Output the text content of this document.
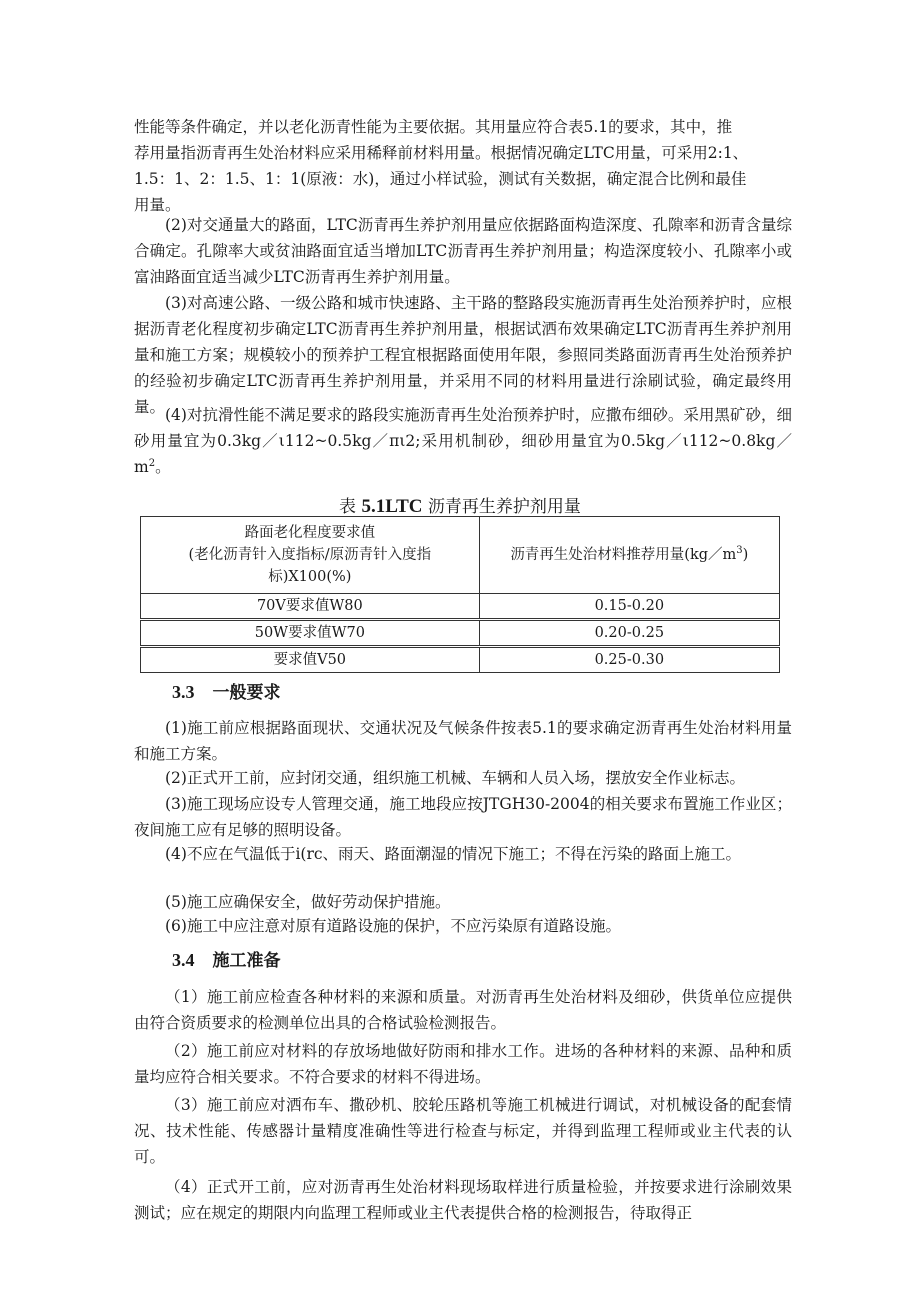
性能等条件确定，并以老化沥青性能为主要依据。其用量应符合表5.1的要求，其中，推
荐用量指沥青再生处治材料应采用稀释前材料用量。根据情况确定LTC用量，可采用2:1、
1.5：1、2：1.5、1：1(原液：水)，通过小样试验，测试有关数据，确定混合比例和最佳
用量。

(2)对交通量大的路面，LTC沥青再生养护剂用量应依据路面构造深度、孔隙率和沥青含量综合确定。孔隙率大或贫油路面宜适当增加LTC沥青再生养护剂用量；构造深度较小、孔隙率小或富油路面宜适当减少LTC沥青再生养护剂用量。

(3)对高速公路、一级公路和城市快速路、主干路的整路段实施沥青再生处治预养护时，应根据沥青老化程度初步确定LTC沥青再生养护剂用量，根据试洒布效果确定LTC沥青再生养护剂用量和施工方案；规模较小的预养护工程宜根据路面使用年限，参照同类路面沥青再生处治预养护的经验初步确定LTC沥青再生养护剂用量，并采用不同的材料用量进行涂刷试验，确定最终用量。 (4)对抗滑性能不满足要求的路段实施沥青再生处治预养护时，应撒布细砂。采用黑矿砂，细砂用量宜为0.3kg／ι112~0.5kg／πι2;采用机制砂，细砂用量宜为$0.5kg/\iota 112\sim 0.8kg/m^2$。

表 5.1LTC 沥青再生养护剂用量

路面老化程度要求值
(老化沥青针入度指标/原沥青针入度指
标)X100(%)	沥青再生处治材料推荐用量$(kg/m^3)$
70V要求值W80	0.15-0.20
50W要求值W70	0.20-0.25
要求值V50	0.25-0.30
3.3 一般要求

(1)施工前应根据路面现状、交通状况及气候条件按表5.1的要求确定沥青再生处治材料用量和施工方案。

(2)正式开工前，应封闭交通，组织施工机械、车辆和人员入场，摆放安全作业标志。

(3)施工现场应设专人管理交通，施工地段应按JTGH30-2004的相关要求布置施工作业区；夜间施工应有足够的照明设备。

(4)不应在气温低于i(rc、雨天、路面潮湿的情况下施工；不得在污染的路面上施工。

(5)施工应确保安全，做好劳动保护措施。

(6)施工中应注意对原有道路设施的保护，不应污染原有道路设施。

3.4 施工准备

（1）施工前应检查各种材料的来源和质量。对沥青再生处治材料及细砂，供货单位应提供由符合资质要求的检测单位出具的合格试验检测报告。

（2）施工前应对材料的存放场地做好防雨和排水工作。进场的各种材料的来源、品种和质量均应符合相关要求。不符合要求的材料不得进场。

（3）施工前应对洒布车、撒砂机、胶轮压路机等施工机械进行调试，对机械设备的配套情况、技术性能、传感器计量精度准确性等进行检查与标定，并得到监理工程师或业主代表的认可。

（4）正式开工前，应对沥青再生处治材料现场取样进行质量检验，并按要求进行涂刷效果测试；应在规定的期限内向监理工程师或业主代表提供合格的检测报告，待取得正
